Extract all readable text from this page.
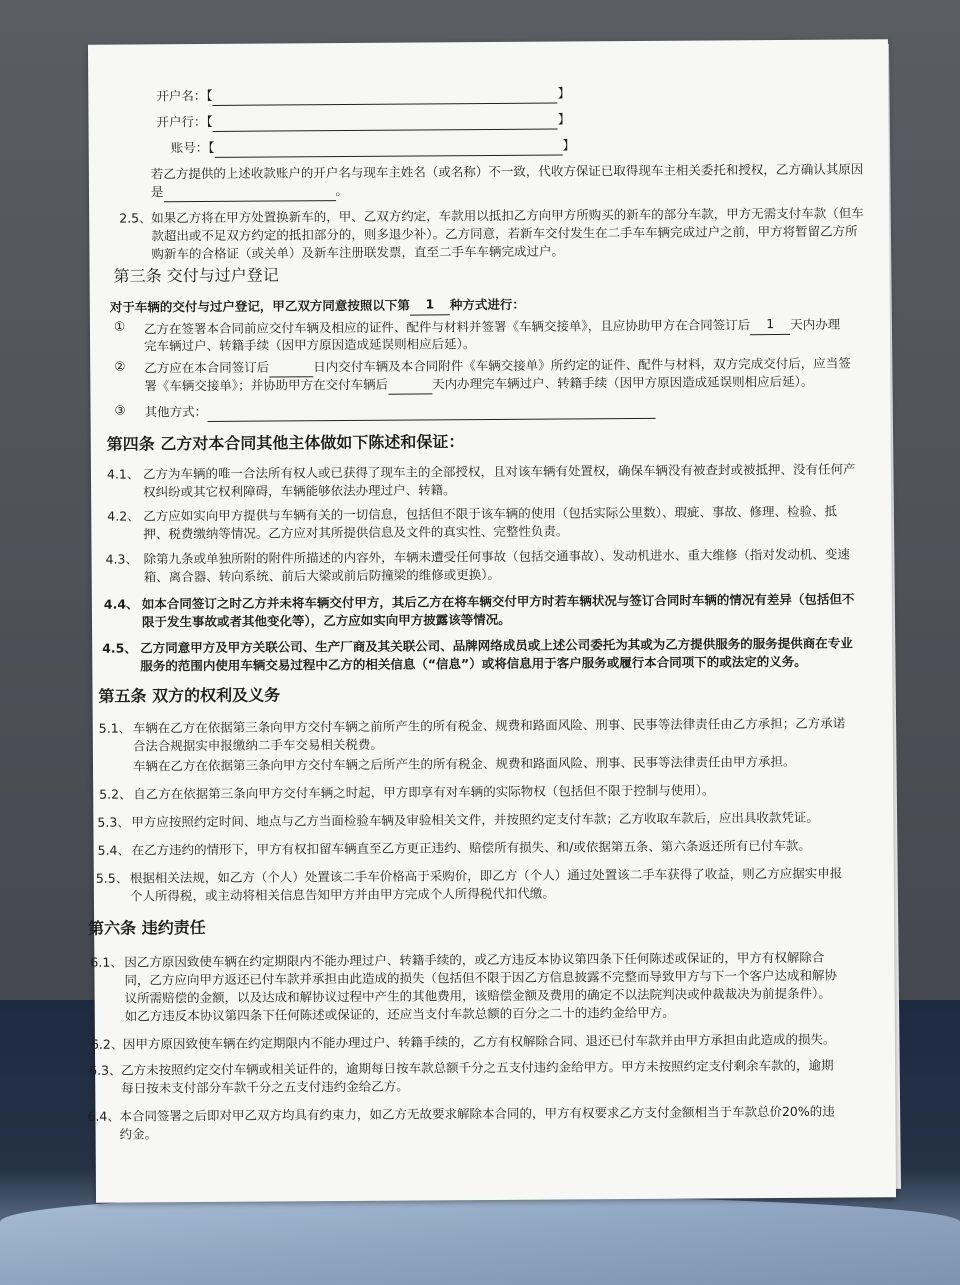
开户名：【	】
开户行：【	】
账号：【	】
若乙方提供的上述收款账户的开户名与现车主姓名（或名称）不一致，代收方保证已取得现车主相关委托和授权，乙方确认其原因
是	。
2.5、 如果乙方将在甲方处置换新车的，甲、乙双方约定，车款用以抵扣乙方向甲方所购买的新车的部分车款，甲方无需支付车款（但车
款超出或不足双方约定的抵扣部分的，则多退少补）。乙方同意，若新车交付发生在二手车车辆完成过户之前，甲方将暂留乙方所
购新车的合格证（或关单）及新车注册联发票，直至二手车车辆完成过户。
第三条 交付与过户登记
对于车辆的交付与过户登记，甲乙双方同意按照以下第 1 种方式进行：
① 乙方在签署本合同前应交付车辆及相应的证件、配件与材料并签署《车辆交接单》，且应协助甲方在合同签订后 1 天内办理
完车辆过户、转籍手续（因甲方原因造成延误则相应后延）。
② 乙方应在本合同签订后	日内交付车辆及本合同附件《车辆交接单》所约定的证件、配件与材料，双方完成交付后，应当签
署《车辆交接单》；并协助甲方在交付车辆后	天内办理完车辆过户、转籍手续（因甲方原因造成延误则相应后延）。
③ 其他方式：
第四条 乙方对本合同其他主体做如下陈述和保证：
4.1、 乙方为车辆的唯一合法所有权人或已获得了现车主的全部授权，且对该车辆有处置权，确保车辆没有被查封或被抵押、没有任何产
权纠纷或其它权利障碍，车辆能够依法办理过户、转籍。
4.2、 乙方应如实向甲方提供与车辆有关的一切信息，包括但不限于该车辆的使用（包括实际公里数）、瑕疵、事故、修理、检验、抵
押、税费缴纳等情况。乙方应对其所提供信息及文件的真实性、完整性负责。
4.3、 除第九条或单独所附的附件所描述的内容外，车辆未遭受任何事故（包括交通事故）、发动机进水、重大维修（指对发动机、变速
箱、离合器、转向系统、前后大梁或前后防撞梁的维修或更换）。
4.4、 如本合同签订之时乙方并未将车辆交付甲方，其后乙方在将车辆交付甲方时若车辆状况与签订合同时车辆的情况有差异（包括但不
限于发生事故或者其他变化等），乙方应如实向甲方披露该等情况。
4.5、 乙方同意甲方及甲方关联公司、生产厂商及其关联公司、品牌网络成员或上述公司委托为其或为乙方提供服务的服务提供商在专业
服务的范围内使用车辆交易过程中乙方的相关信息（“信息”）或将信息用于客户服务或履行本合同项下的或法定的义务。
第五条 双方的权利及义务
5.1、 车辆在乙方在依据第三条向甲方交付车辆之前所产生的所有税金、规费和路面风险、刑事、民事等法律责任由乙方承担；乙方承诺
合法合规据实申报缴纳二手车交易相关税费。
车辆在乙方在依据第三条向甲方交付车辆之后所产生的所有税金、规费和路面风险、刑事、民事等法律责任由甲方承担。
5.2、 自乙方在依据第三条向甲方交付车辆之时起，甲方即享有对车辆的实际物权（包括但不限于控制与使用）。
5.3、 甲方应按照约定时间、地点与乙方当面检验车辆及审验相关文件，并按照约定支付车款；乙方收取车款后，应出具收款凭证。
5.4、 在乙方违约的情形下，甲方有权扣留车辆直至乙方更正违约、赔偿所有损失、和/或依据第五条、第六条返还所有已付车款。
5.5、 根据相关法规，如乙方（个人）处置该二手车价格高于采购价，即乙方（个人）通过处置该二手车获得了收益，则乙方应据实申报
个人所得税，或主动将相关信息告知甲方并由甲方完成个人所得税代扣代缴。
第六条 违约责任
6.1、 因乙方原因致使车辆在约定期限内不能办理过户、转籍手续的，或乙方违反本协议第四条下任何陈述或保证的，甲方有权解除合
同，乙方应向甲方返还已付车款并承担由此造成的损失（包括但不限于因乙方信息披露不完整而导致甲方与下一个客户达成和解协
议所需赔偿的金额，以及达成和解协议过程中产生的其他费用，该赔偿金额及费用的确定不以法院判决或仲裁裁决为前提条件）。
如乙方违反本协议第四条下任何陈述或保证的，还应当支付车款总额的百分之二十的违约金给甲方。
6.2、 因甲方原因致使车辆在约定期限内不能办理过户、转籍手续的，乙方有权解除合同、退还已付车款并由甲方承担由此造成的损失。
6.3、 乙方未按照约定交付车辆或相关证件的，逾期每日按车款总额千分之五支付违约金给甲方。甲方未按照约定支付剩余车款的，逾期
每日按未支付部分车款千分之五支付违约金给乙方。
6.4、 本合同签署之后即对甲乙双方均具有约束力，如乙方无故要求解除本合同的，甲方有权要求乙方支付金额相当于车款总价20%的违
约金。
